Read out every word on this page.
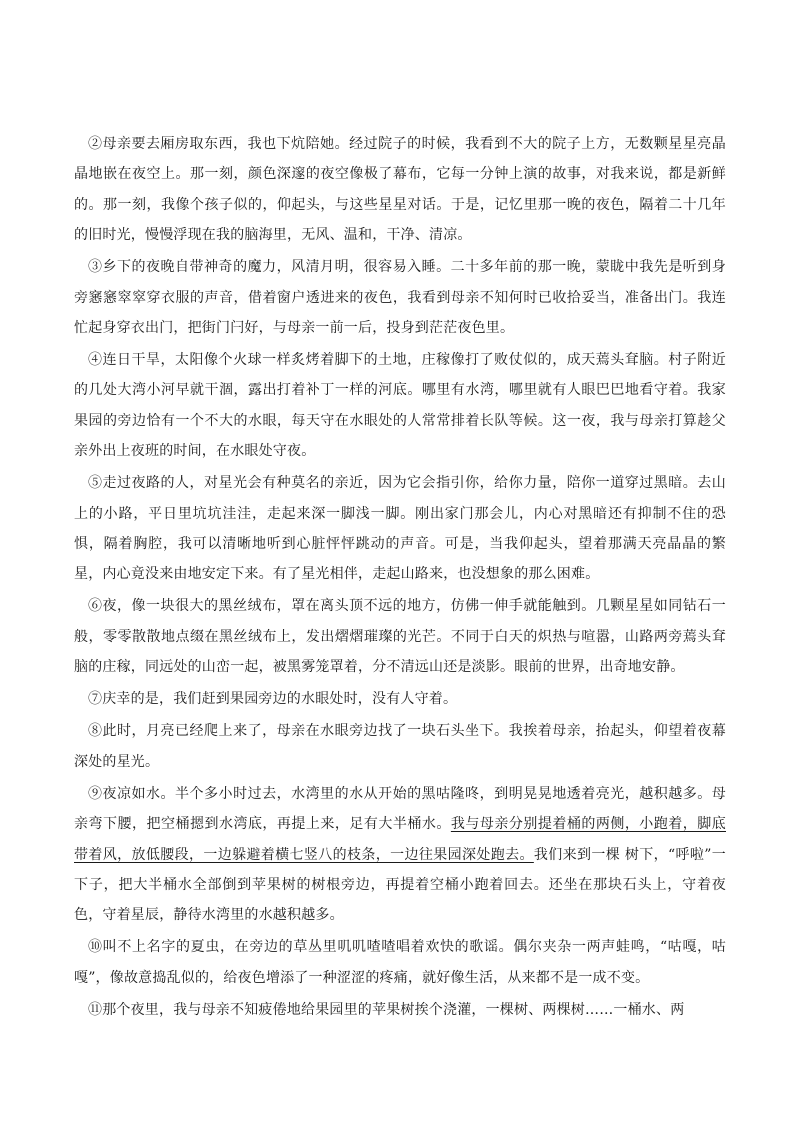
②母亲要去厢房取东西，我也下炕陪她。经过院子的时候，我看到不大的院子上方，无数颗星星亮晶晶地嵌在夜空上。那一刻，颜色深邃的夜空像极了幕布，它每一分钟上演的故事，对我来说，都是新鲜的。那一刻，我像个孩子似的，仰起头，与这些星星对话。于是，记忆里那一晚的夜色，隔着二十几年的旧时光，慢慢浮现在我的脑海里，无风、温和，干净、清凉。

③乡下的夜晚自带神奇的魔力，风清月明，很容易入睡。二十多年前的那一晚，蒙眬中我先是听到身旁窸窸窣窣穿衣服的声音，借着窗户透进来的夜色，我看到母亲不知何时已收拾妥当，准备出门。我连忙起身穿衣出门，把街门闩好，与母亲一前一后，投身到茫茫夜色里。

④连日干旱，太阳像个火球一样炙烤着脚下的土地，庄稼像打了败仗似的，成天蔫头耷脑。村子附近的几处大湾小河早就干涸，露出打着补丁一样的河底。哪里有水湾，哪里就有人眼巴巴地看守着。我家果园的旁边恰有一个不大的水眼，每天守在水眼处的人常常排着长队等候。这一夜，我与母亲打算趁父亲外出上夜班的时间，在水眼处守夜。

⑤走过夜路的人，对星光会有种莫名的亲近，因为它会指引你，给你力量，陪你一道穿过黑暗。去山上的小路，平日里坑坑洼洼，走起来深一脚浅一脚。刚出家门那会儿，内心对黑暗还有抑制不住的恐惧，隔着胸腔，我可以清晰地听到心脏怦怦跳动的声音。可是，当我仰起头，望着那满天亮晶晶的繁星，内心竟没来由地安定下来。有了星光相伴，走起山路来，也没想象的那么困难。

⑥夜，像一块很大的黑丝绒布，罩在离头顶不远的地方，仿佛一伸手就能触到。几颗星星如同钻石一般，零零散散地点缀在黑丝绒布上，发出熠熠璀璨的光芒。不同于白天的炽热与喧嚣，山路两旁蔫头耷脑的庄稼，同远处的山峦一起，被黑雾笼罩着，分不清远山还是淡影。眼前的世界，出奇地安静。

⑦庆幸的是，我们赶到果园旁边的水眼处时，没有人守着。

⑧此时，月亮已经爬上来了，母亲在水眼旁边找了一块石头坐下。我挨着母亲，抬起头，仰望着夜幕深处的星光。

⑨夜凉如水。半个多小时过去，水湾里的水从开始的黑咕隆咚，到明晃晃地透着亮光，越积越多。母亲弯下腰，把空桶摁到水湾底，再提上来，足有大半桶水。我与母亲分别提着桶的两侧，小跑着，脚底带着风，放低腰段，一边躲避着横七竖八的枝条，一边往果园深处跑去。我们来到一棵 树下，“呼啦”一下子，把大半桶水全部倒到苹果树的树根旁边，再提着空桶小跑着回去。还坐在那块石头上，守着夜色，守着星辰，静待水湾里的水越积越多。

⑩叫不上名字的夏虫，在旁边的草丛里叽叽喳喳唱着欢快的歌谣。偶尔夹杂一两声蛙鸣，“咕嘎，咕嘎”，像故意捣乱似的，给夜色增添了一种涩涩的疼痛，就好像生活，从来都不是一成不变。

⑪那个夜里，我与母亲不知疲倦地给果园里的苹果树挨个浇灌，一棵树、两棵树……一桶水、两
